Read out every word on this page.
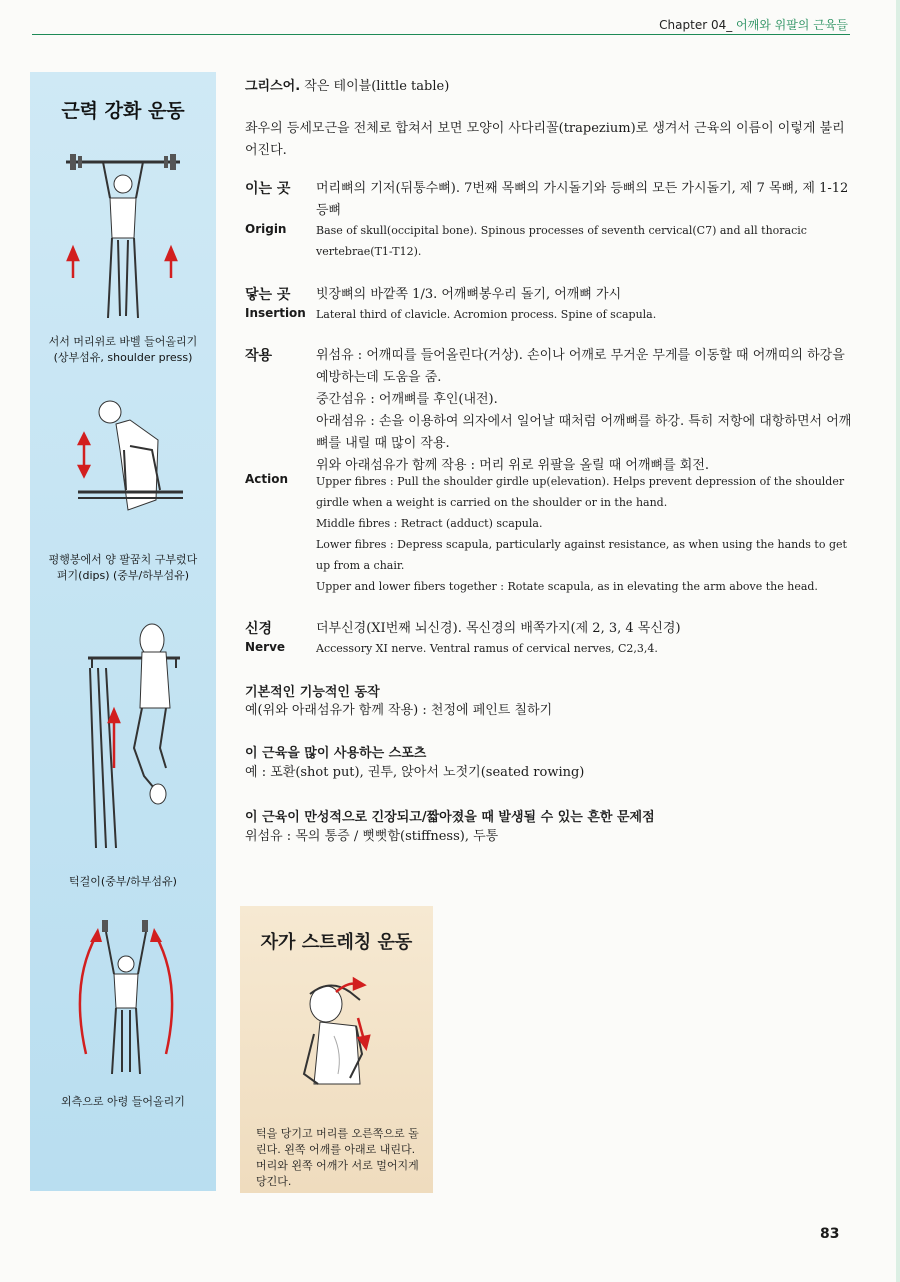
Chapter 04_ 어깨와 위팔의 근육들
근력 강화 운동
서서 머리위로 바벨 들어올리기
(상부섬유, shoulder press)
평행봉에서 양 팔꿈치 구부렸다
펴기(dips) (중부/하부섬유)
턱걸이(중부/하부섬유)
외측으로 아령 들어올리기
그리스어. 작은 테이블(little table)
좌우의 등세모근을 전체로 합쳐서 보면 모양이 사다리꼴(trapezium)로 생겨서 근육의 이름이 이렇게 불리어진다.
이는 곳
Origin
머리뼈의 기저(뒤통수뼈). 7번째 목뼈의 가시돌기와 등뼈의 모든 가시돌기, 제 7 목뼈, 제 1-12 등뼈
Base of skull(occipital bone). Spinous processes of seventh cervical(C7) and all thoracic vertebrae(T1-T12).
닿는 곳
Insertion
빗장뼈의 바깥쪽 1/3. 어깨뼈봉우리 돌기, 어깨뼈 가시
Lateral third of clavicle. Acromion process. Spine of scapula.
작용
Action
위섬유 : 어깨띠를 들어올린다(거상). 손이나 어깨로 무거운 무게를 이동할 때 어깨띠의 하강을 예방하는데 도움을 줌.
중간섬유 : 어깨뼈를 후인(내전).
아래섬유 : 손을 이용하여 의자에서 일어날 때처럼 어깨뼈를 하강. 특히 저항에 대항하면서 어깨뼈를 내릴 때 많이 작용.
위와 아래섬유가 함께 작용 : 머리 위로 위팔을 올릴 때 어깨뼈를 회전.
Upper fibres : Pull the shoulder girdle up(elevation). Helps prevent depression of the shoulder girdle when a weight is carried on the shoulder or in the hand.
Middle fibres : Retract (adduct) scapula.
Lower fibres : Depress scapula, particularly against resistance, as when using the hands to get up from a chair.
Upper and lower fibers together : Rotate scapula, as in elevating the arm above the head.
신경
Nerve
더부신경(XI번째 뇌신경). 목신경의 배쪽가지(제 2, 3, 4 목신경)
Accessory XI nerve. Ventral ramus of cervical nerves, C2,3,4.
기본적인 기능적인 동작
예(위와 아래섬유가 함께 작용) : 천정에 페인트 칠하기
이 근육을 많이 사용하는 스포츠
예 : 포환(shot put), 권투, 앉아서 노젓기(seated rowing)
이 근육이 만성적으로 긴장되고/짧아졌을 때 발생될 수 있는 흔한 문제점
위섬유 : 목의 통증 / 뻣뻣함(stiffness), 두통
자가 스트레칭 운동
턱을 당기고 머리를 오른쪽으로 돌린다. 왼쪽 어깨를 아래로 내린다. 머리와 왼쪽 어깨가 서로 멀어지게 당긴다.
83
